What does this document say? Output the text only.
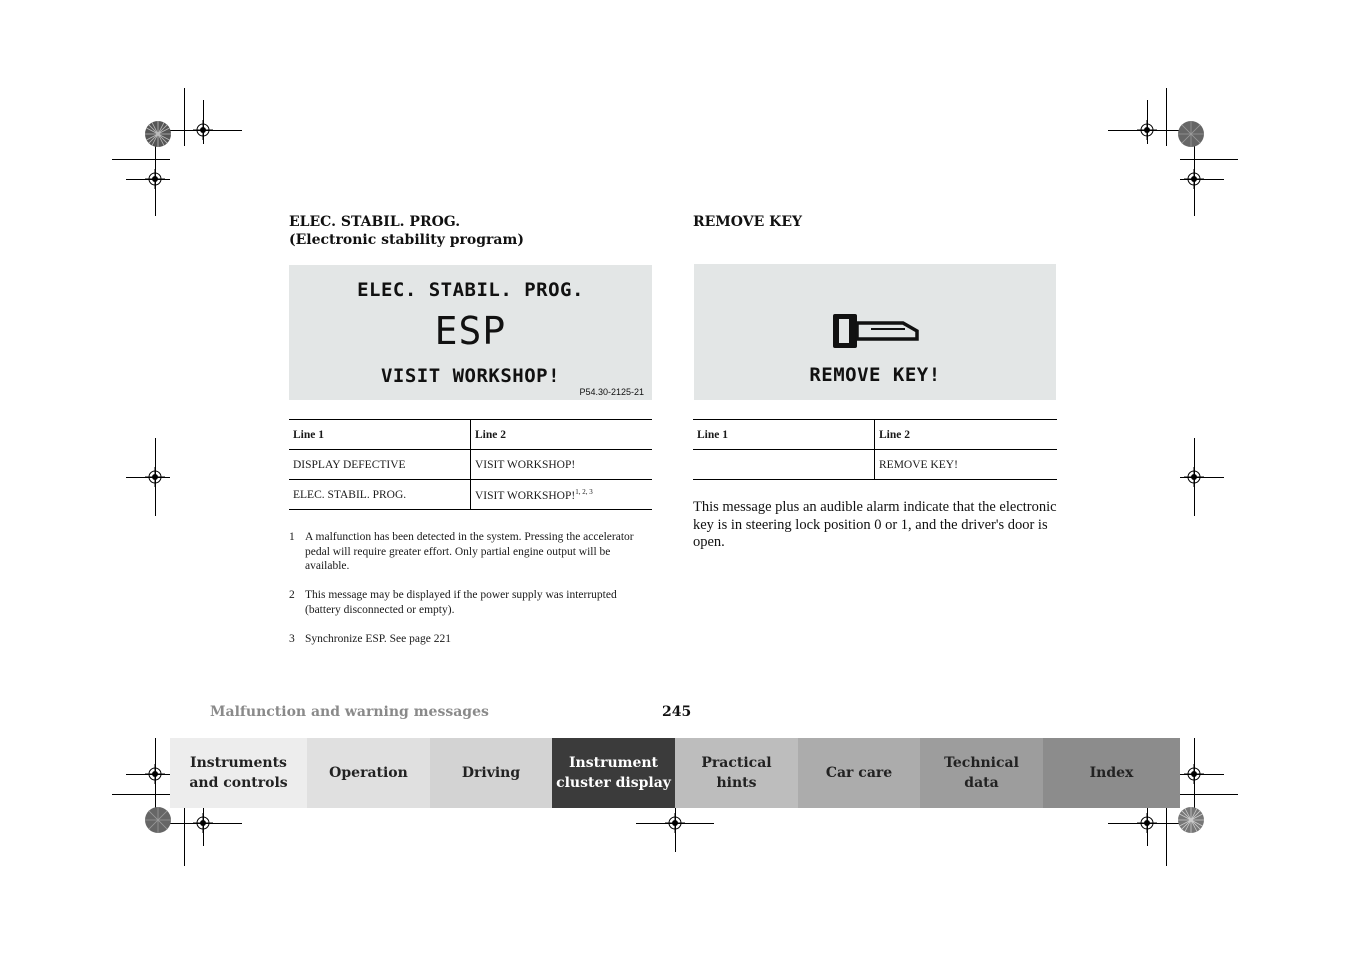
ELEC. STABIL. PROG.
(Electronic stability program)
ELEC. STABIL. PROG.
ESP
VISIT WORKSHOP!
P54.30-2125-21
Line 1	Line 2
DISPLAY DEFECTIVE	VISIT WORKSHOP!
ELEC. STABIL. PROG.	VISIT WORKSHOP!$^{1, 2, 3}$
1 A malfunction has been detected in the system. Pressing the accelerator pedal will require greater effort. Only partial engine output will be available.
2 This message may be displayed if the power supply was interrupted (battery disconnected or empty).
3 Synchronize ESP. See page 221
REMOVE KEY
REMOVE KEY!
Line 1	Line 2
	REMOVE KEY!
This message plus an audible alarm indicate that the electronic key is in steering lock position 0 or 1, and the driver's door is open.
Malfunction and warning messages	245
Instruments
and controls
Operation	Driving
Instrument
cluster display
Practical hints
Car care
Technical
data
Index
